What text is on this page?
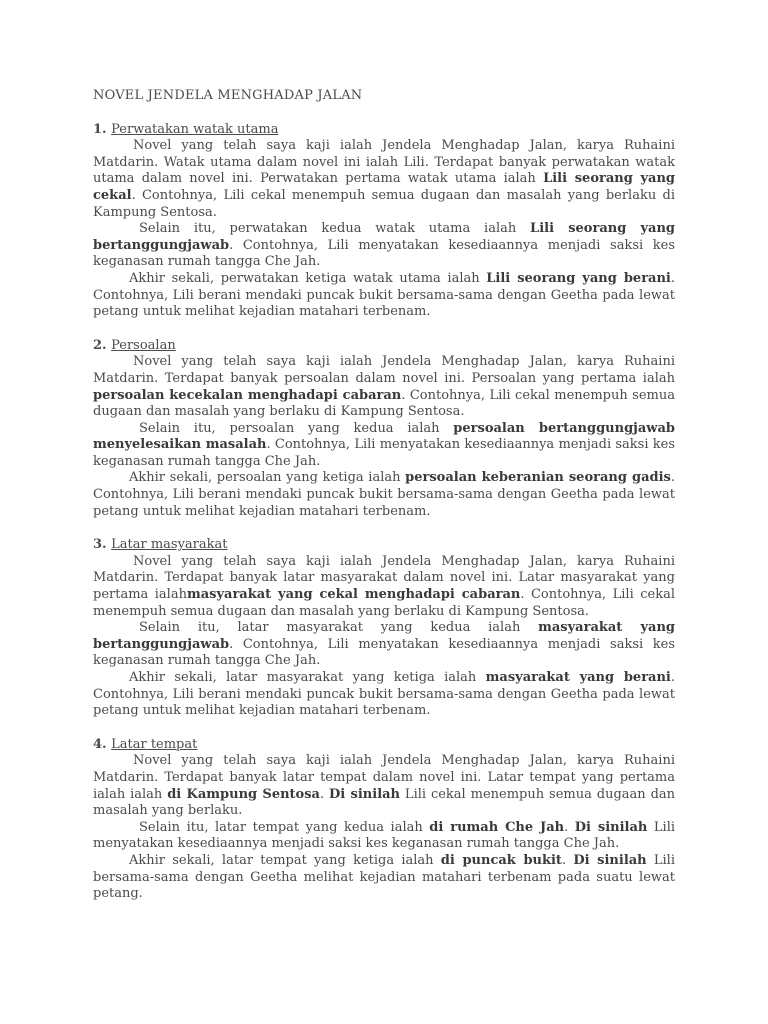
NOVEL JENDELA MENGHADAP JALAN
1. Perwatakan watak utama

Novel yang telah saya kaji ialah Jendela Menghadap Jalan, karya Ruhaini Matdarin. Watak utama dalam novel ini ialah Lili. Terdapat banyak perwatakan watak utama dalam novel ini. Perwatakan pertama watak utama ialah Lili seorang yang cekal. Contohnya, Lili cekal menempuh semua dugaan dan masalah yang berlaku di Kampung Sentosa.

Selain itu, perwatakan kedua watak utama ialah Lili seorang yang bertanggungjawab. Contohnya, Lili menyatakan kesediaannya menjadi saksi kes keganasan rumah tangga Che Jah.

Akhir sekali, perwatakan ketiga watak utama ialah Lili seorang yang berani. Contohnya, Lili berani mendaki puncak bukit bersama-sama dengan Geetha pada lewat petang untuk melihat kejadian matahari terbenam.

2. Persoalan

Novel yang telah saya kaji ialah Jendela Menghadap Jalan, karya Ruhaini Matdarin. Terdapat banyak persoalan dalam novel ini. Persoalan yang pertama ialah persoalan kecekalan menghadapi cabaran. Contohnya, Lili cekal menempuh semua dugaan dan masalah yang berlaku di Kampung Sentosa.

Selain itu, persoalan yang kedua ialah persoalan bertanggungjawab menyelesaikan masalah. Contohnya, Lili menyatakan kesediaannya menjadi saksi kes keganasan rumah tangga Che Jah.

Akhir sekali, persoalan yang ketiga ialah persoalan keberanian seorang gadis. Contohnya, Lili berani mendaki puncak bukit bersama-sama dengan Geetha pada lewat petang untuk melihat kejadian matahari terbenam.

3. Latar masyarakat

Novel yang telah saya kaji ialah Jendela Menghadap Jalan, karya Ruhaini Matdarin. Terdapat banyak latar masyarakat dalam novel ini. Latar masyarakat yang pertama ialahmasyarakat yang cekal menghadapi cabaran. Contohnya, Lili cekal menempuh semua dugaan dan masalah yang berlaku di Kampung Sentosa.

Selain itu, latar masyarakat yang kedua ialah masyarakat yang bertanggungjawab. Contohnya, Lili menyatakan kesediaannya menjadi saksi kes keganasan rumah tangga Che Jah.

Akhir sekali, latar masyarakat yang ketiga ialah masyarakat yang berani. Contohnya, Lili berani mendaki puncak bukit bersama-sama dengan Geetha pada lewat petang untuk melihat kejadian matahari terbenam.

4. Latar tempat

Novel yang telah saya kaji ialah Jendela Menghadap Jalan, karya Ruhaini Matdarin. Terdapat banyak latar tempat dalam novel ini. Latar tempat yang pertama ialah ialah di Kampung Sentosa. Di sinilah Lili cekal menempuh semua dugaan dan masalah yang berlaku.

Selain itu, latar tempat yang kedua ialah di rumah Che Jah. Di sinilah Lili menyatakan kesediaannya menjadi saksi kes keganasan rumah tangga Che Jah.

Akhir sekali, latar tempat yang ketiga ialah di puncak bukit. Di sinilah Lili bersama-sama dengan Geetha melihat kejadian matahari terbenam pada suatu lewat petang.
